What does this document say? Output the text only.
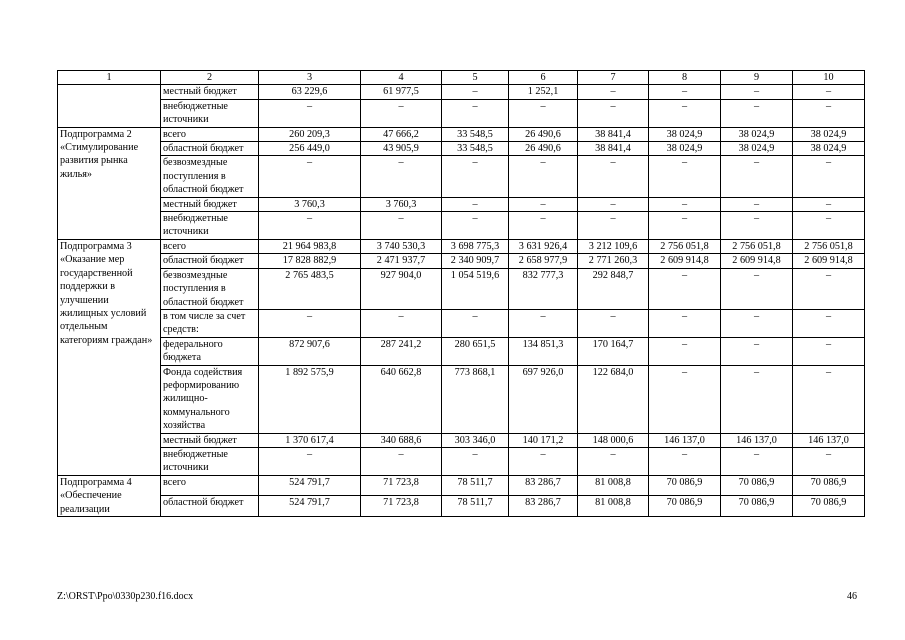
1	2	3	4	5	6	7	8	9	10
	местный бюджет	63 229,6	61 977,5	–	1 252,1	–	–	–	–
	внебюджетные источники	–	–	–	–	–	–	–	–
Подпрограмма 2 «Стимулирование развития рынка жилья»	всего	260 209,3	47 666,2	33 548,5	26 490,6	38 841,4	38 024,9	38 024,9	38 024,9
	областной бюджет	256 449,0	43 905,9	33 548,5	26 490,6	38 841,4	38 024,9	38 024,9	38 024,9
	безвозмездные поступления в областной бюджет	–	–	–	–	–	–	–	–
	местный бюджет	3 760,3	3 760,3	–	–	–	–	–	–
	внебюджетные источники	–	–	–	–	–	–	–	–
Подпрограмма 3 «Оказание мер государственной поддержки в улучшении жилищных условий отдельным категориям граждан»	всего	21 964 983,8	3 740 530,3	3 698 775,3	3 631 926,4	3 212 109,6	2 756 051,8	2 756 051,8	2 756 051,8
	областной бюджет	17 828 882,9	2 471 937,7	2 340 909,7	2 658 977,9	2 771 260,3	2 609 914,8	2 609 914,8	2 609 914,8
	безвозмездные поступления в областной бюджет	2 765 483,5	927 904,0	1 054 519,6	832 777,3	292 848,7	–	–	–
	в том числе за счет средств:	–	–	–	–	–	–	–	–
	федерального бюджета	872 907,6	287 241,2	280 651,5	134 851,3	170 164,7	–	–	–
	Фонда содействия реформированию жилищно-коммунального хозяйства	1 892 575,9	640 662,8	773 868,1	697 926,0	122 684,0	–	–	–
	местный бюджет	1 370 617,4	340 688,6	303 346,0	140 171,2	148 000,6	146 137,0	146 137,0	146 137,0
	внебюджетные источники	–	–	–	–	–	–	–	–
Подпрограмма 4 «Обеспечение реализации	всего	524 791,7	71 723,8	78 511,7	83 286,7	81 008,8	70 086,9	70 086,9	70 086,9
	областной бюджет	524 791,7	71 723,8	78 511,7	83 286,7	81 008,8	70 086,9	70 086,9	70 086,9
Z:\ORST\Ppo\0330p230.f16.docx	46
